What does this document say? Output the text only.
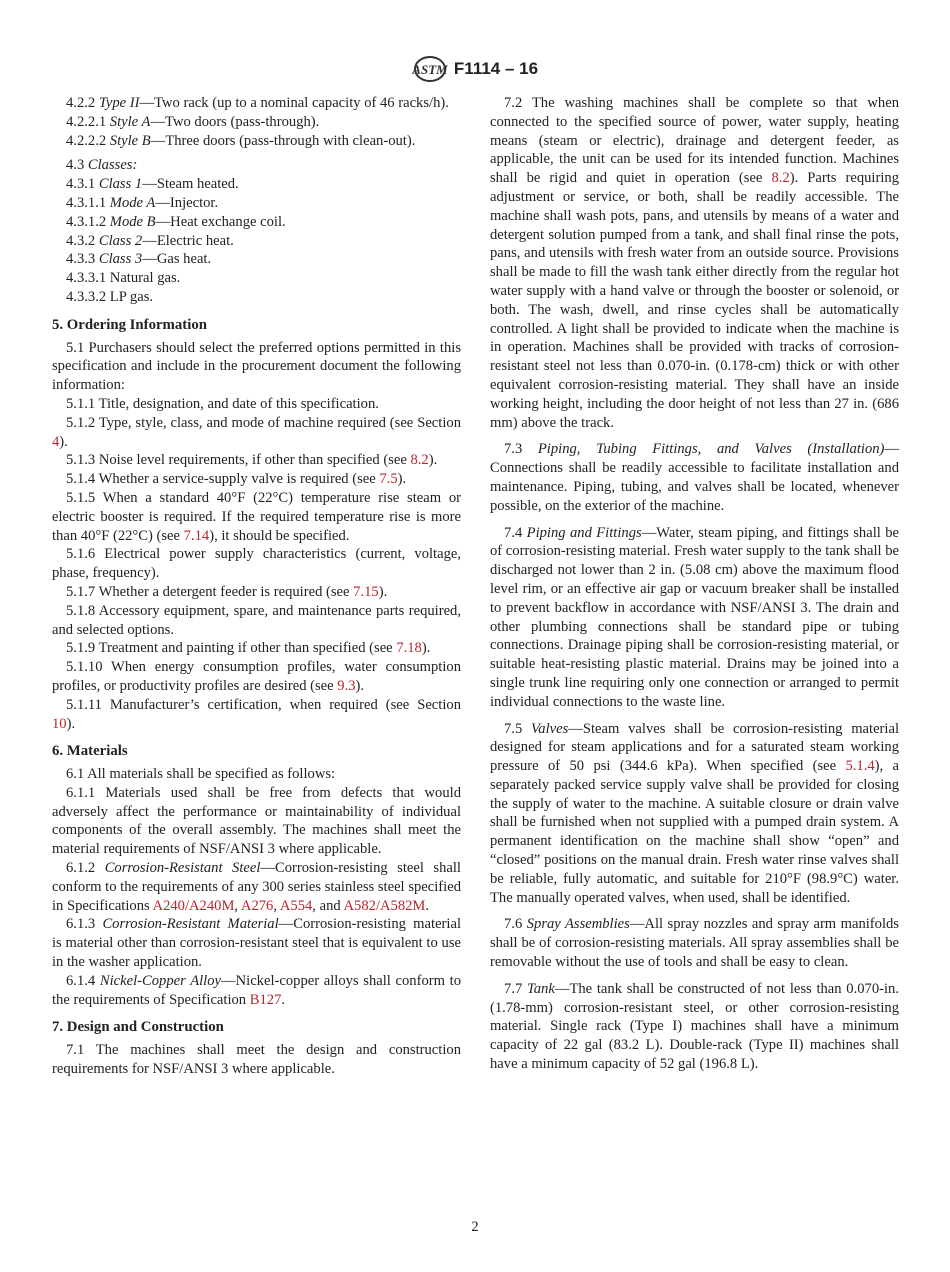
ASTM F1114 – 16

4.2.2 Type II—Two rack (up to a nominal capacity of 46 racks/h).

4.2.2.1 Style A—Two doors (pass-through).

4.2.2.2 Style B—Three doors (pass-through with clean-out).

4.3 Classes:

4.3.1 Class 1—Steam heated.

4.3.1.1 Mode A—Injector.

4.3.1.2 Mode B—Heat exchange coil.

4.3.2 Class 2—Electric heat.

4.3.3 Class 3—Gas heat.

4.3.3.1 Natural gas.

4.3.3.2 LP gas.

5. Ordering Information

5.1 Purchasers should select the preferred options permitted in this specification and include in the procurement document the following information:

5.1.1 Title, designation, and date of this specification.

5.1.2 Type, style, class, and mode of machine required (see Section 4).

5.1.3 Noise level requirements, if other than specified (see 8.2).

5.1.4 Whether a service-supply valve is required (see 7.5).

5.1.5 When a standard 40°F (22°C) temperature rise steam or electric booster is required. If the required temperature rise is more than 40°F (22°C) (see 7.14), it should be specified.

5.1.6 Electrical power supply characteristics (current, voltage, phase, frequency).

5.1.7 Whether a detergent feeder is required (see 7.15).

5.1.8 Accessory equipment, spare, and maintenance parts required, and selected options.

5.1.9 Treatment and painting if other than specified (see 7.18).

5.1.10 When energy consumption profiles, water consumption profiles, or productivity profiles are desired (see 9.3).

5.1.11 Manufacturer’s certification, when required (see Section 10).

6. Materials

6.1 All materials shall be specified as follows:

6.1.1 Materials used shall be free from defects that would adversely affect the performance or maintainability of individual components of the overall assembly. The machines shall meet the material requirements of NSF/ANSI 3 where applicable.

6.1.2 Corrosion-Resistant Steel—Corrosion-resisting steel shall conform to the requirements of any 300 series stainless steel specified in Specifications A240/A240M, A276, A554, and A582/A582M.

6.1.3 Corrosion-Resistant Material—Corrosion-resisting material is material other than corrosion-resistant steel that is equivalent to use in the washer application.

6.1.4 Nickel-Copper Alloy—Nickel-copper alloys shall conform to the requirements of Specification B127.

7. Design and Construction

7.1 The machines shall meet the design and construction requirements for NSF/ANSI 3 where applicable.

7.2 The washing machines shall be complete so that when connected to the specified source of power, water supply, heating means (steam or electric), drainage and detergent feeder, as applicable, the unit can be used for its intended function. Machines shall be rigid and quiet in operation (see 8.2). Parts requiring adjustment or service, or both, shall be readily accessible. The machine shall wash pots, pans, and utensils by means of a water and detergent solution pumped from a tank, and shall final rinse the pots, pans, and utensils with fresh water from an outside source. Provisions shall be made to fill the wash tank either directly from the regular hot water supply with a hand valve or through the booster or solenoid, or both. The wash, dwell, and rinse cycles shall be automatically controlled. A light shall be provided to indicate when the machine is in operation. Machines shall be provided with tracks of corrosion-resistant steel not less than 0.070-in. (0.178-cm) thick or with other equivalent corrosion-resisting material. They shall have an inside working height, including the door height of not less than 27 in. (686 mm) above the track.

7.3 Piping, Tubing Fittings, and Valves (Installation)—Connections shall be readily accessible to facilitate installation and maintenance. Piping, tubing, and valves shall be located, whenever possible, on the exterior of the machine.

7.4 Piping and Fittings—Water, steam piping, and fittings shall be of corrosion-resisting material. Fresh water supply to the tank shall be discharged not lower than 2 in. (5.08 cm) above the maximum flood level rim, or an effective air gap or vacuum breaker shall be installed to prevent backflow in accordance with NSF/ANSI 3. The drain and other plumbing connections shall be standard pipe or tubing connections. Drainage piping shall be corrosion-resisting material, or suitable heat-resisting plastic material. Drains may be joined into a single trunk line requiring only one connection or arranged to permit individual connections to the waste line.

7.5 Valves—Steam valves shall be corrosion-resisting material designed for steam applications and for a saturated steam working pressure of 50 psi (344.6 kPa). When specified (see 5.1.4), a separately packed service supply valve shall be provided for closing the supply of water to the machine. A suitable closure or drain valve shall be furnished when not supplied with a pumped drain system. A permanent identification on the machine shall show “open” and “closed” positions on the manual drain. Fresh water rinse valves shall be reliable, fully automatic, and suitable for 210°F (98.9°C) water. The manually operated valves, when used, shall be identified.

7.6 Spray Assemblies—All spray nozzles and spray arm manifolds shall be of corrosion-resisting materials. All spray assemblies shall be removable without the use of tools and shall be easy to clean.

7.7 Tank—The tank shall be constructed of not less than 0.070-in. (1.78-mm) corrosion-resistant steel, or other corrosion-resisting material. Single rack (Type I) machines shall have a minimum capacity of 22 gal (83.2 L). Double-rack (Type II) machines shall have a minimum capacity of 52 gal (196.8 L).

2
